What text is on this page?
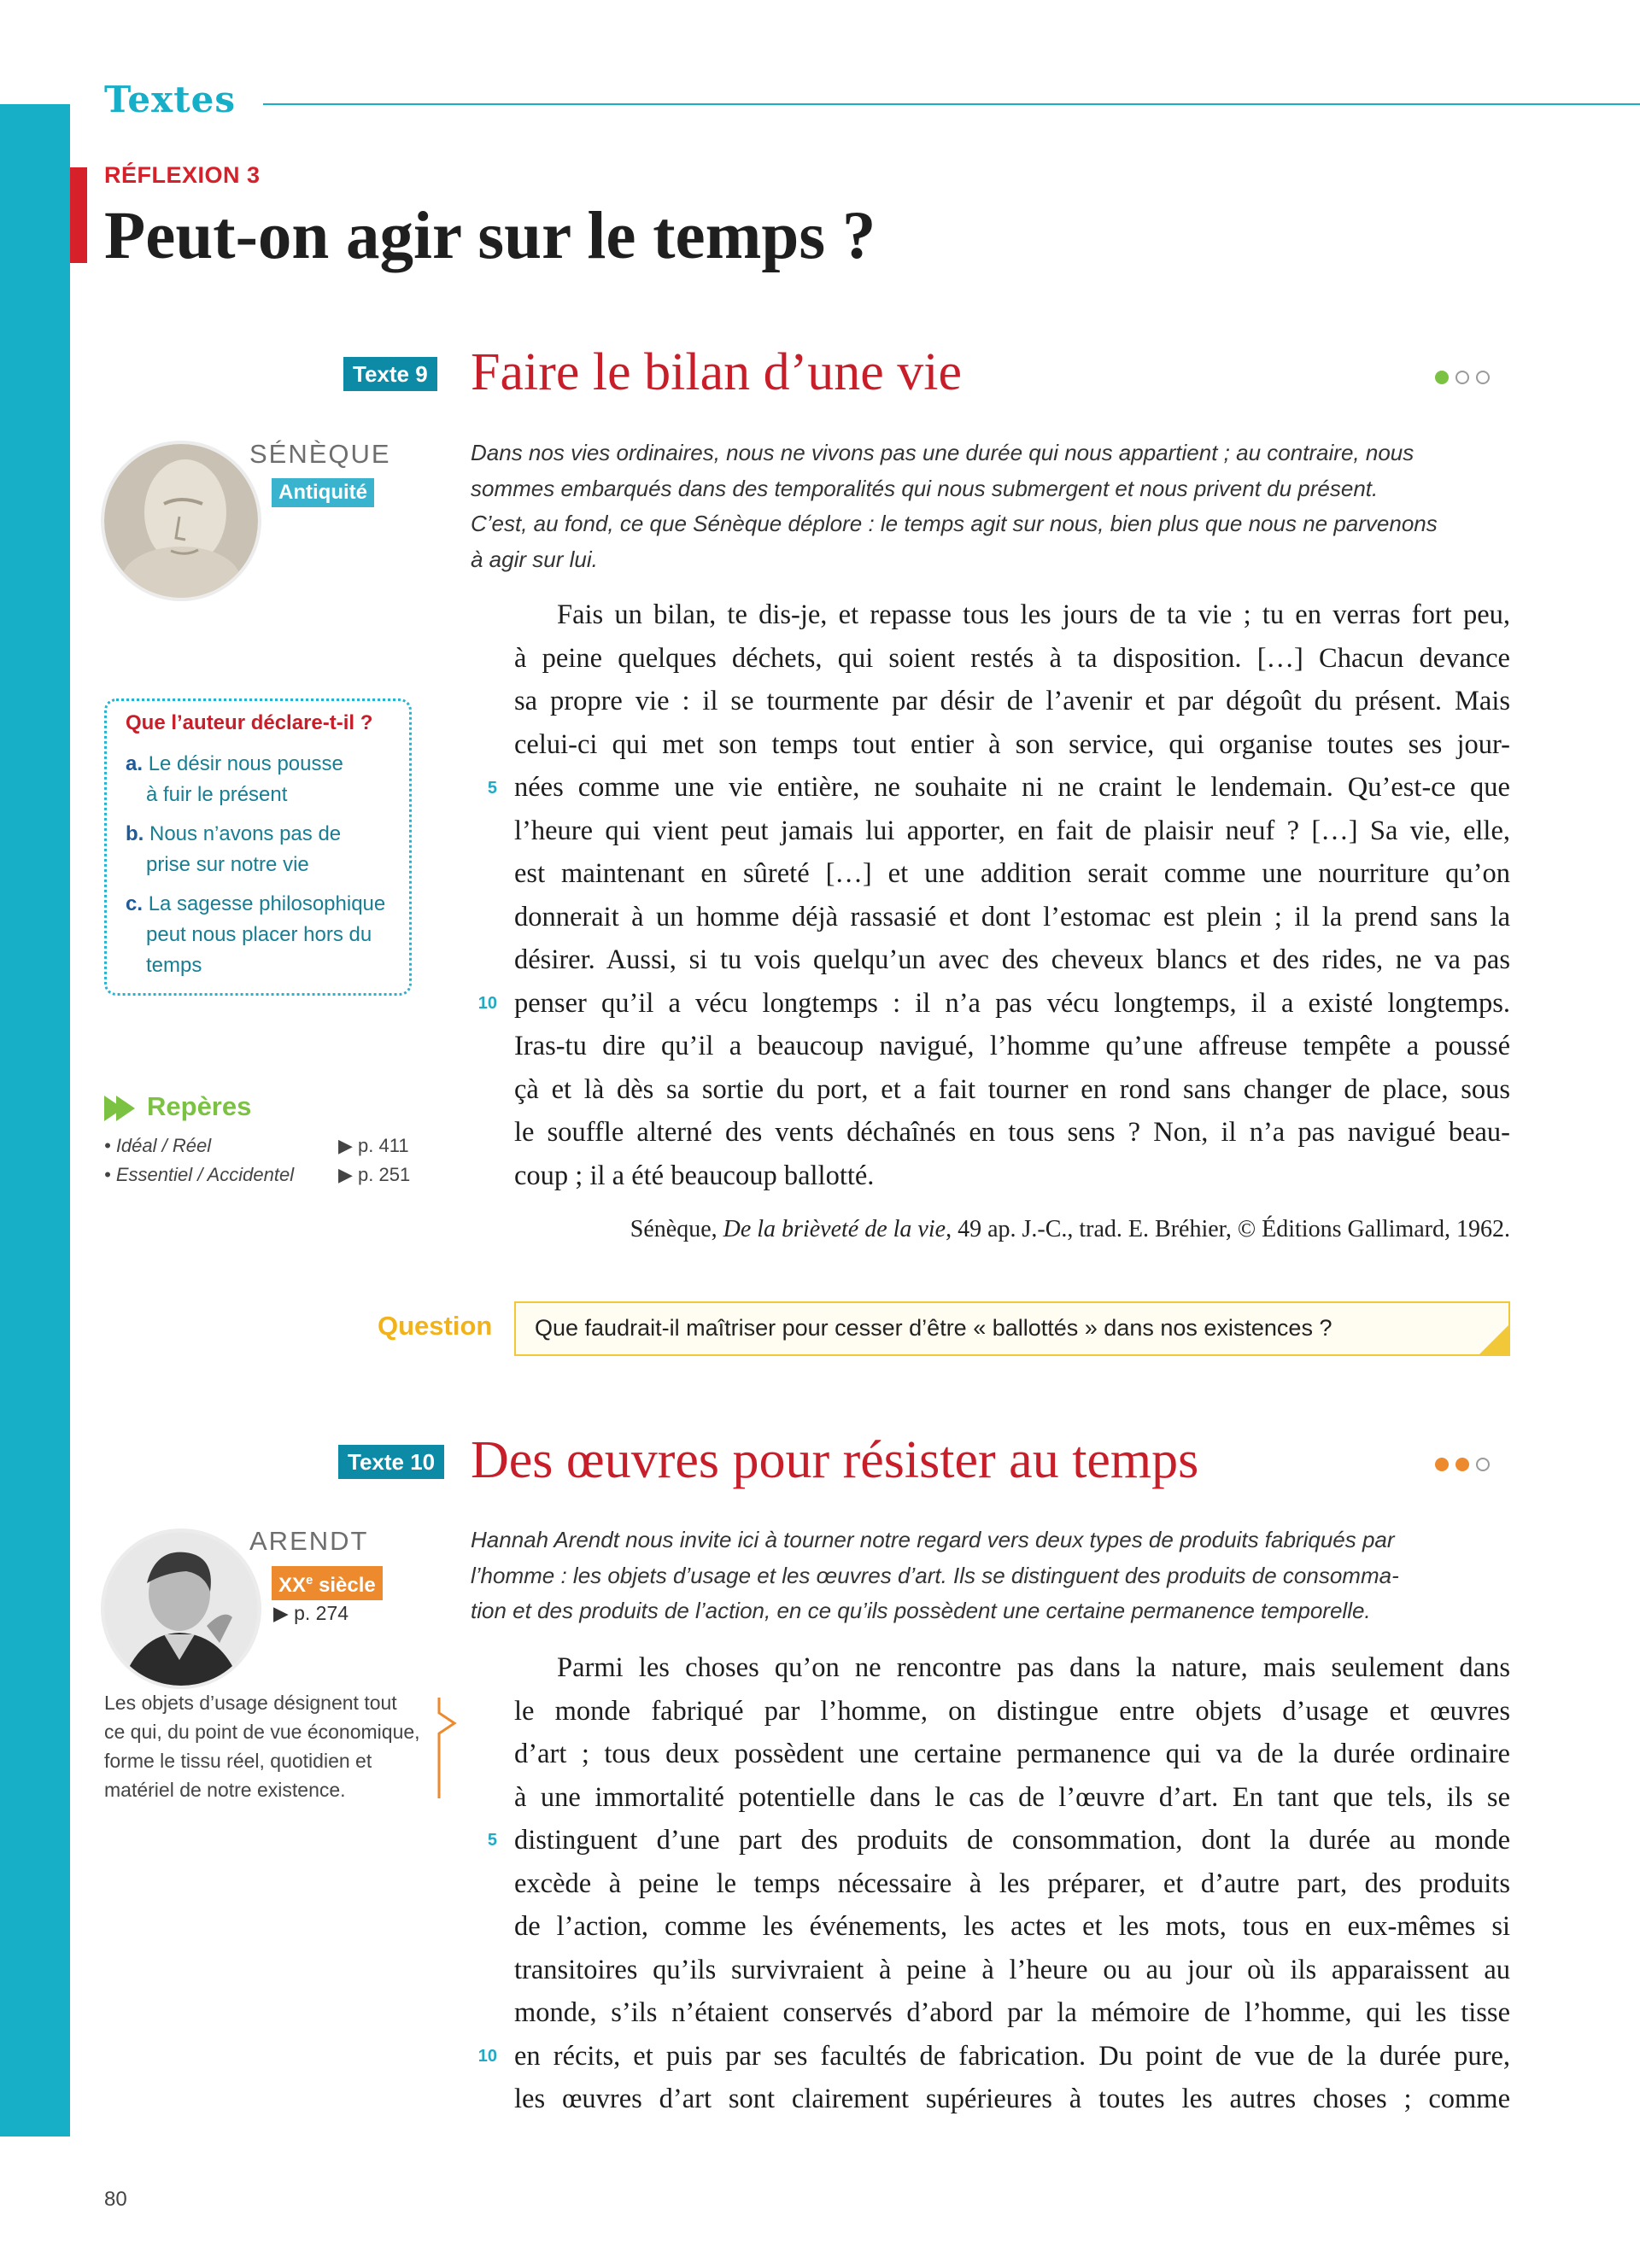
Textes
RÉFLEXION 3
Peut-on agir sur le temps ?
Texte 9 Faire le bilan d’une vie
SÉNÈQUE
Antiquité
Dans nos vies ordinaires, nous ne vivons pas une durée qui nous appartient ; au contraire, nous
sommes embarqués dans des temporalités qui nous submergent et nous privent du présent.
C’est, au fond, ce que Sénèque déplore : le temps agit sur nous, bien plus que nous ne parvenons
à agir sur lui.
Fais un bilan, te dis-je, et repasse tous les jours de ta vie ; tu en verras fort peu,
à peine quelques déchets, qui soient restés à ta disposition. […] Chacun devance
sa propre vie : il se tourmente par désir de l’avenir et par dégoût du présent. Mais
celui-ci qui met son temps tout entier à son service, qui organise toutes ses jour-
nées comme une vie entière, ne souhaite ni ne craint le lendemain. Qu’est-ce que
l’heure qui vient peut jamais lui apporter, en fait de plaisir neuf ? […] Sa vie, elle,
est maintenant en sûreté […] et une addition serait comme une nourriture qu’on
donnerait à un homme déjà rassasié et dont l’estomac est plein ; il la prend sans la
désirer. Aussi, si tu vois quelqu’un avec des cheveux blancs et des rides, ne va pas
penser qu’il a vécu longtemps : il n’a pas vécu longtemps, il a existé longtemps.
Iras-tu dire qu’il a beaucoup navigué, l’homme qu’une affreuse tempête a poussé
çà et là dès sa sortie du port, et a fait tourner en rond sans changer de place, sous
le souffle alterné des vents déchaînés en tous sens ? Non, il n’a pas navigué beau-
coup ; il a été beaucoup ballotté.
5
10
Sénèque, De la brièveté de la vie, 49 ap. J.-C., trad. E. Bréhier, © Éditions Gallimard, 1962.
Que l’auteur déclare-t-il ?
a. Le désir nous pousse
à fuir le présent
b. Nous n’avons pas de
prise sur notre vie
c. La sagesse philosophique
peut nous placer hors du
temps
Repères
• Idéal / Réel	▶ p. 411
• Essentiel / Accidentel ▶ p. 251
Question Que faudrait-il maîtriser pour cesser d’être « ballottés » dans nos existences ?
Texte 10 Des œuvres pour résister au temps
ARENDT
XXe siècle
▶ p. 274
Hannah Arendt nous invite ici à tourner notre regard vers deux types de produits fabriqués par
l’homme : les objets d’usage et les œuvres d’art. Ils se distinguent des produits de consomma-
tion et des produits de l’action, en ce qu’ils possèdent une certaine permanence temporelle.
Les objets d’usage désignent tout
ce qui, du point de vue économique,
forme le tissu réel, quotidien et
matériel de notre existence.
Parmi les choses qu’on ne rencontre pas dans la nature, mais seulement dans
le monde fabriqué par l’homme, on distingue entre objets d’usage et œuvres
d’art ; tous deux possèdent une certaine permanence qui va de la durée ordinaire
à une immortalité potentielle dans le cas de l’œuvre d’art. En tant que tels, ils se
distinguent d’une part des produits de consommation, dont la durée au monde
excède à peine le temps nécessaire à les préparer, et d’autre part, des produits
de l’action, comme les événements, les actes et les mots, tous en eux-mêmes si
transitoires qu’ils survivraient à peine à l’heure ou au jour où ils apparaissent au
monde, s’ils n’étaient conservés d’abord par la mémoire de l’homme, qui les tisse
en récits, et puis par ses facultés de fabrication. Du point de vue de la durée pure,
les œuvres d’art sont clairement supérieures à toutes les autres choses ; comme
5
10
80
